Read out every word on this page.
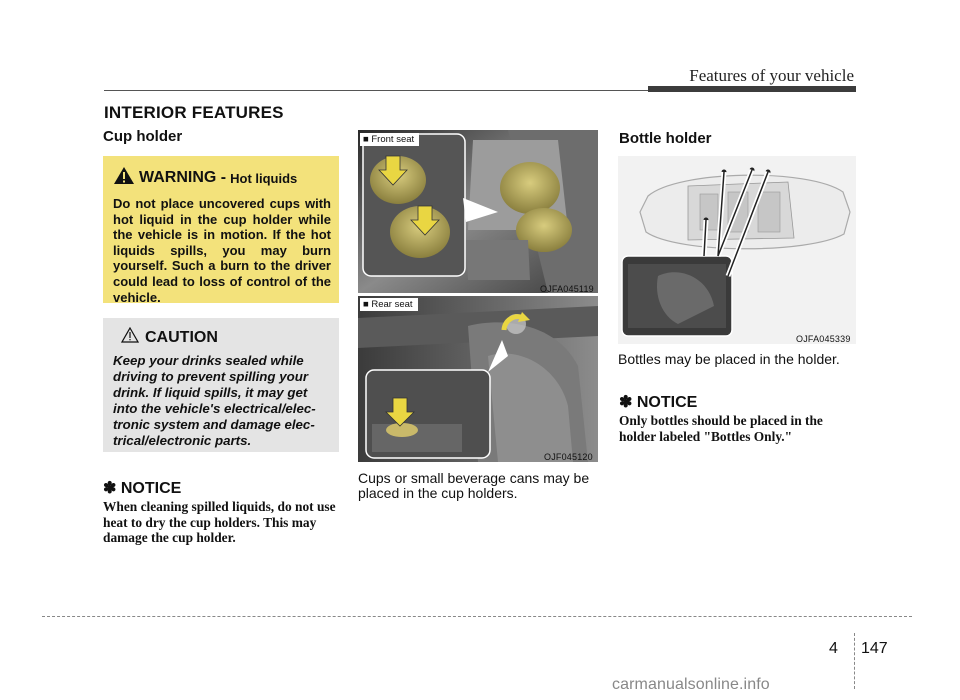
Features of your vehicle
INTERIOR FEATURES
Cup holder
WARNING - Hot liquids
Do not place uncovered cups with hot liquid in the cup holder while the vehicle is in motion. If the hot liquids spills, you may burn yourself. Such a burn to the driver could lead to loss of control of the vehicle.
CAUTION
Keep your drinks sealed while driving to prevent spilling your drink. If liquid spills, it may get into the vehicle's electrical/elec-tronic system and damage elec-trical/electronic parts.
✽ NOTICE
When cleaning spilled liquids, do not use heat to dry the cup holders. This may damage the cup holder.
■ Front seat
OJFA045119
■ Rear seat
OJF045120
Cups or small beverage cans may be placed in the cup holders.
Bottle holder
OJFA045339
Bottles may be placed in the holder.
✽ NOTICE
Only bottles should be placed in the holder labeled "Bottles Only."
4 147
carmanualsonline.info
